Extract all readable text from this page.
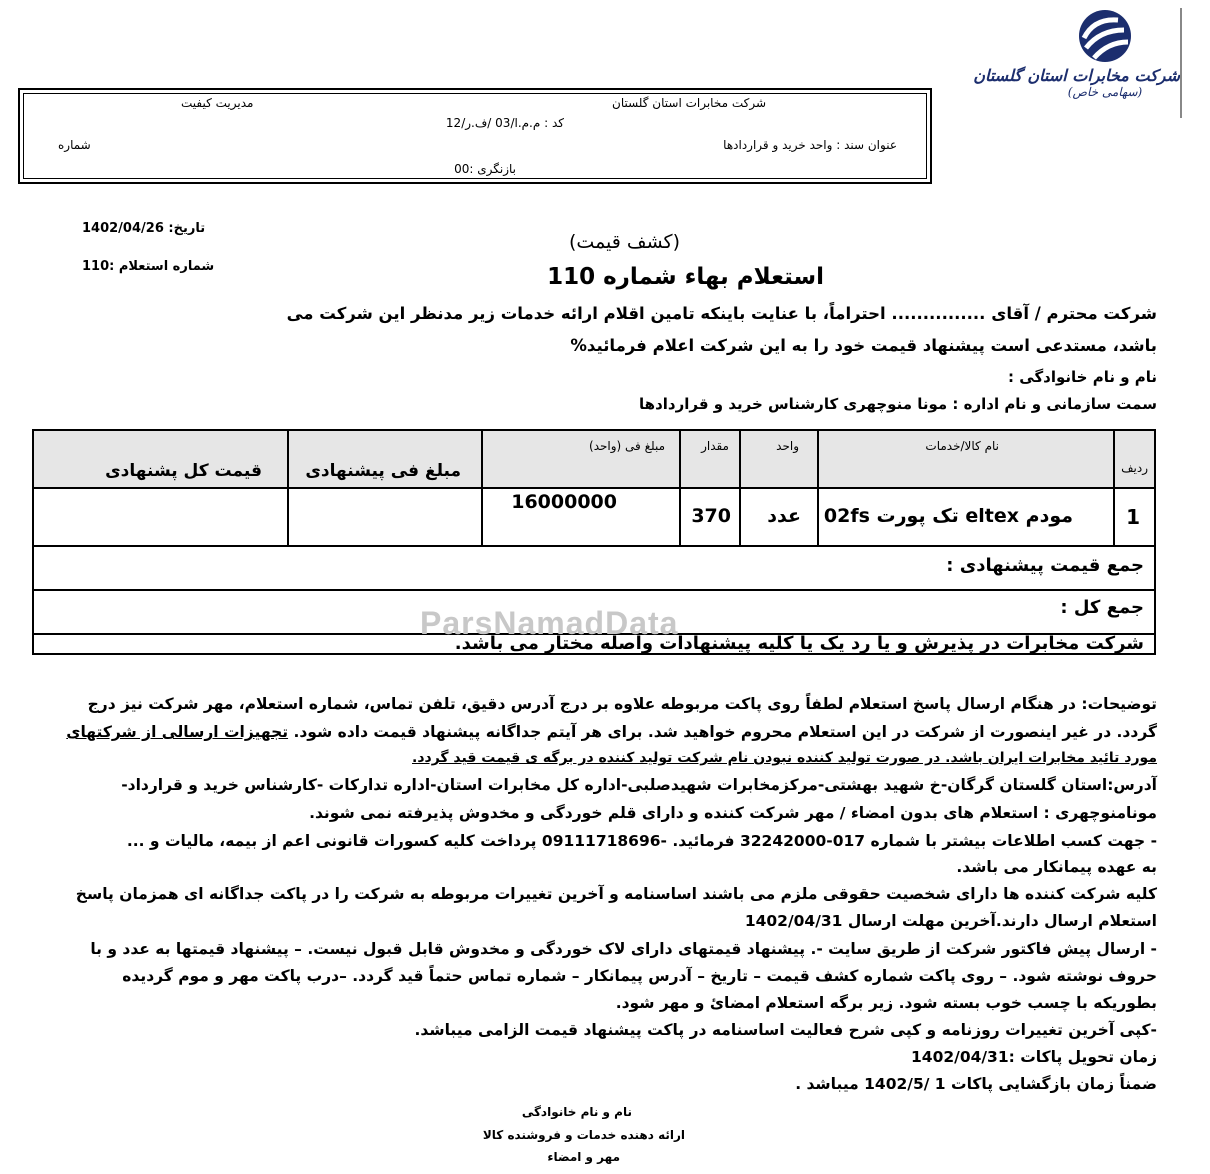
شرکت مخابرات استان گلستان
(سهامی خاص)
شرکت مخابرات استان گلستان
مدیریت کیفیت
کد : م.م.ا/03 /ف.ر/12
عنوان سند : واحد خرید و قراردادها
شماره
بازنگری :00
تاریخ: 1402/04/26
شماره استعلام :110
(کشف قیمت)
استعلام بهاء شماره 110
شرکت محترم / آقای ............... احتراماً، با عنایت باینکه تامین اقلام ارائه خدمات زیر مدنظر این شرکت می
باشد، مستدعی است پیشنهاد قیمت خود را به این شرکت اعلام فرمائید%
نام و نام خانوادگی :
سمت سازمانی و نام اداره : مونا منوچهری کارشناس خرید و قراردادها
ردیف
نام کالا/خدمات
واحد
مقدار
مبلغ فی (واحد)
مبلغ فی پیشنهادی
قیمت کل پشنهادی
1
مودم eltex تک پورت 02fs
عدد
370
16000000
جمع قیمت پیشنهادی :
جمع کل :
شرکت مخابرات در پذیرش و یا رد یک یا کلیه پیشنهادات واصله مختار می باشد.
ParsNamadData
توضیحات: در هنگام ارسال پاسخ استعلام لطفاً روی پاکت مربوطه علاوه بر درج آدرس دقیق، تلفن تماس، شماره استعلام، مهر شرکت نیز درج
گردد. در غیر اینصورت از شرکت در این استعلام محروم خواهید شد. برای هر آیتم جداگانه پیشنهاد قیمت داده شود. تجهیزات ارسالی از شرکتهای
مورد تائید مخابرات ایران باشد. در صورت تولید کننده نبودن نام شرکت تولید کننده در برگه ی قیمت قید گردد.
آدرس:استان گلستان گرگان-خ شهید بهشتی-مرکزمخابرات شهیدصلبی-اداره کل مخابرات استان-اداره تدارکات -کارشناس خرید و قرارداد-
مونامنوچهری : استعلام های بدون امضاء / مهر شرکت کننده و دارای قلم خوردگی و مخدوش پذیرفته نمی شوند.
- جهت کسب اطلاعات بیشتر با شماره 017-32242000 فرمائید. -09111718696 پرداخت کلیه کسورات قانونی اعم از بیمه، مالیات و ...
به عهده پیمانکار می باشد.
کلیه شرکت کننده ها دارای شخصیت حقوقی ملزم می باشند اساسنامه و آخرین تغییرات مربوطه به شرکت را در پاکت جداگانه ای همزمان پاسخ
استعلام ارسال دارند.آخرین مهلت ارسال 1402/04/31
- ارسال پیش فاکتور شرکت از طریق سایت -. پیشنهاد قیمتهای دارای لاک خوردگی و مخدوش قابل قبول نیست. – پیشنهاد قیمتها به عدد و با
حروف نوشته شود. – روی پاکت شماره کشف قیمت – تاریخ – آدرس پیمانکار – شماره تماس حتماً قید گردد. –درب پاکت مهر و موم گردیده
بطوریکه با چسب خوب بسته شود. زیر برگه استعلام امضائ و مهر شود.
-کپی آخرین تغییرات روزنامه و کپی شرح فعالیت اساسنامه در پاکت پیشنهاد قیمت الزامی میباشد.
زمان تحویل پاکات :1402/04/31
ضمناً زمان بازگشایی پاکات 1 /1402/5 میباشد .
نام و نام خانوادگی
ارائه دهنده خدمات و فروشنده کالا
مهر و امضاء
